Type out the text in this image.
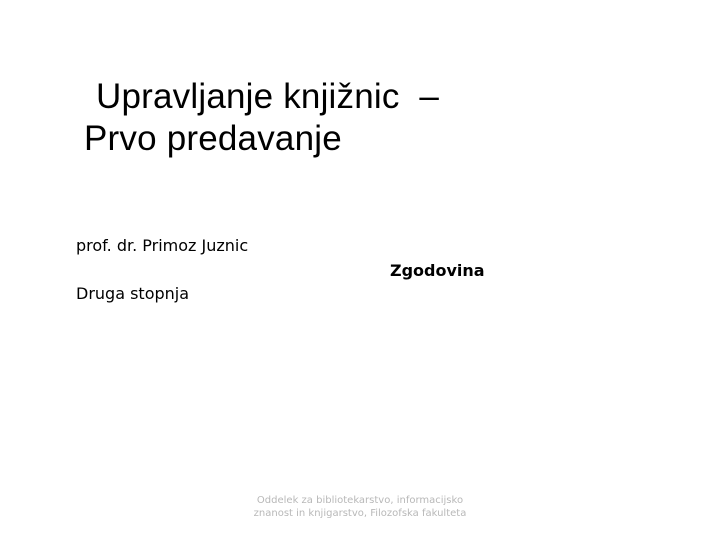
Upravljanje knjižnic  –
Prvo predavanje
prof. dr. Primoz Juznic
Zgodovina
Druga stopnja
Oddelek za bibliotekarstvo, informacijsko znanost in knjigarstvo, Filozofska fakulteta
